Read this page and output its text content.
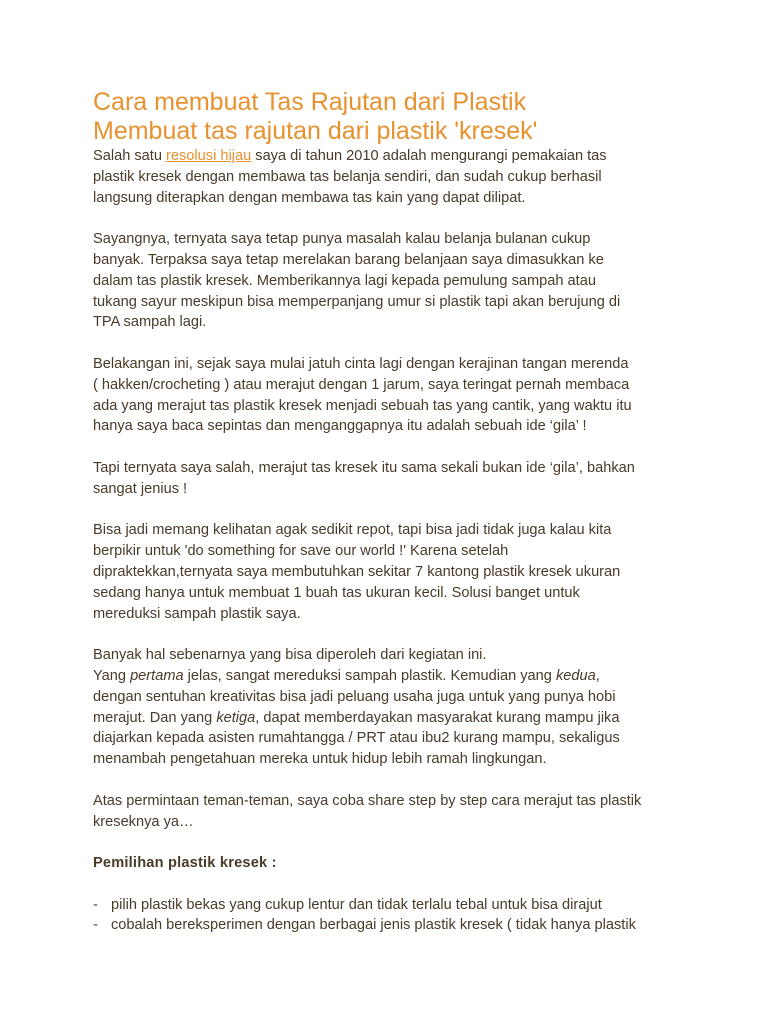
Cara membuat Tas Rajutan dari Plastik
Membuat tas rajutan dari plastik 'kresek'

Salah satu resolusi hijau saya di tahun 2010 adalah mengurangi pemakaian tas
plastik kresek dengan membawa tas belanja sendiri, dan sudah cukup berhasil
langsung diterapkan dengan membawa tas kain yang dapat dilipat.

Sayangnya, ternyata saya tetap punya masalah kalau belanja bulanan cukup
banyak. Terpaksa saya tetap merelakan barang belanjaan saya dimasukkan ke
dalam tas plastik kresek. Memberikannya lagi kepada pemulung sampah atau
tukang sayur meskipun bisa memperpanjang umur si plastik tapi akan berujung di
TPA sampah lagi.

Belakangan ini, sejak saya mulai jatuh cinta lagi dengan kerajinan tangan merenda
( hakken/crocheting ) atau merajut dengan 1 jarum, saya teringat pernah membaca
ada yang merajut tas plastik kresek menjadi sebuah tas yang cantik, yang waktu itu
hanya saya baca sepintas dan menganggapnya itu adalah sebuah ide ‘gila’ !

Tapi ternyata saya salah, merajut tas kresek itu sama sekali bukan ide ‘gila’, bahkan
sangat jenius !

Bisa jadi memang kelihatan agak sedikit repot, tapi bisa jadi tidak juga kalau kita
berpikir untuk 'do something for save our world !' Karena setelah
dipraktekkan,ternyata saya membutuhkan sekitar 7 kantong plastik kresek ukuran
sedang hanya untuk membuat 1 buah tas ukuran kecil. Solusi banget untuk
mereduksi sampah plastik saya.

Banyak hal sebenarnya yang bisa diperoleh dari kegiatan ini.
Yang pertama jelas, sangat mereduksi sampah plastik. Kemudian yang kedua,
dengan sentuhan kreativitas bisa jadi peluang usaha juga untuk yang punya hobi
merajut. Dan yang ketiga, dapat memberdayakan masyarakat kurang mampu jika
diajarkan kepada asisten rumahtangga / PRT atau ibu2 kurang mampu, sekaligus
menambah pengetahuan mereka untuk hidup lebih ramah lingkungan.

Atas permintaan teman-teman, saya coba share step by step cara merajut tas plastik
kreseknya ya…

Pemilihan plastik kresek :

- pilih plastik bekas yang cukup lentur dan tidak terlalu tebal untuk bisa dirajut
- cobalah bereksperimen dengan berbagai jenis plastik kresek ( tidak hanya plastik
